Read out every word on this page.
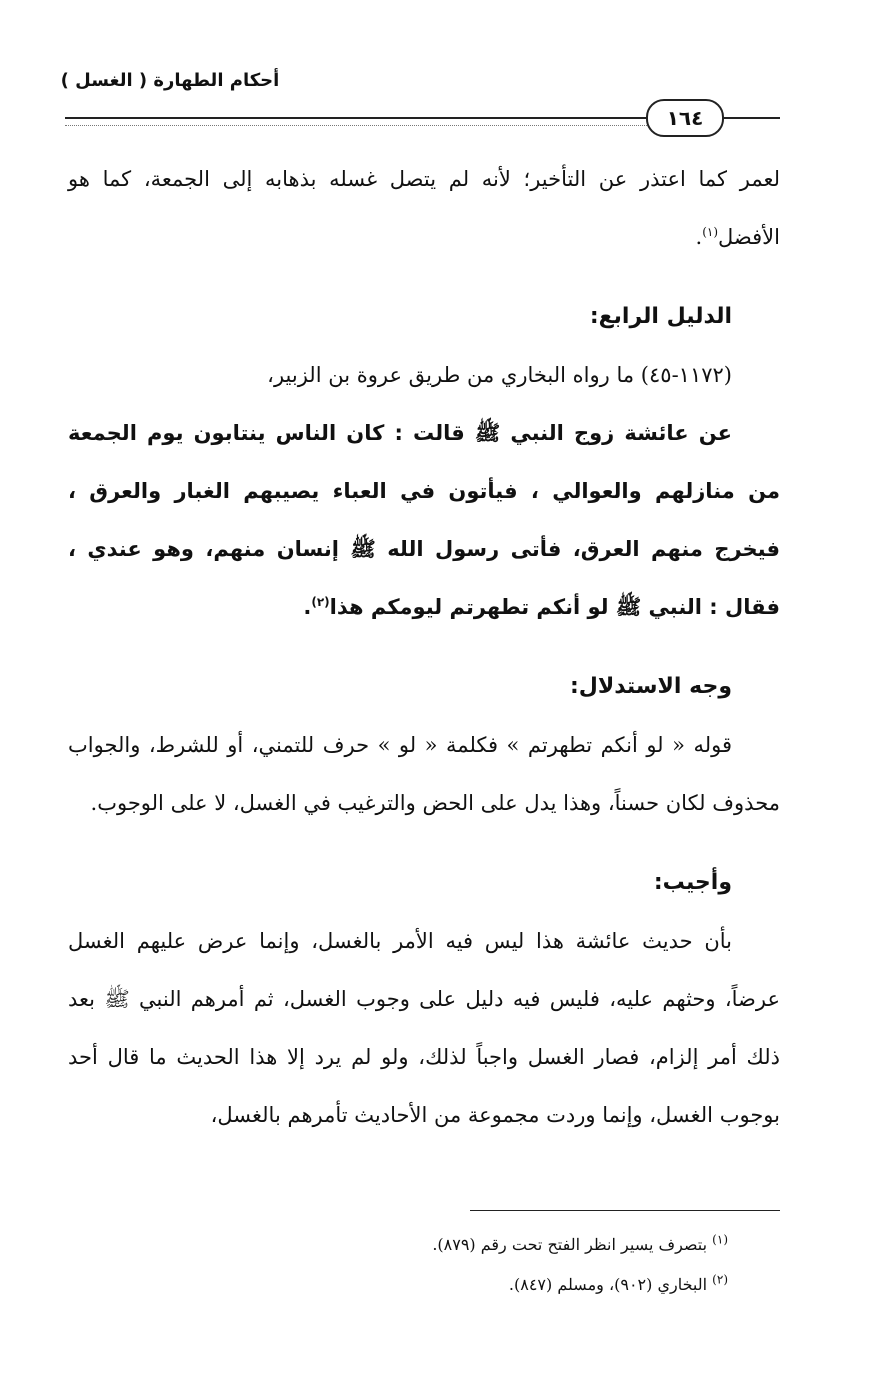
أحكام الطهارة ( الغسل )
١٦٤

لعمر كما اعتذر عن التأخير؛ لأنه لم يتصل غسله بذهابه إلى الجمعة، كما هو الأفضل$^{(١)}$.

الدليل الرابع:

(١١٧٢-٤٥) ما رواه البخاري من طريق عروة بن الزبير،

عن عائشة زوج النبي ﷺ قالت : كان الناس ينتابون يوم الجمعة من منازلهم والعوالي ، فيأتون في العباء يصيبهم الغبار والعرق ، فيخرج منهم العرق، فأتى رسول الله ﷺ إنسان منهم، وهو عندي ، فقال : النبي ﷺ لو أنكم تطهرتم ليومكم هذا$^{(٢)}$.

وجه الاستدلال:

قوله « لو أنكم تطهرتم » فكلمة « لو » حرف للتمني، أو للشرط، والجواب محذوف لكان حسناً، وهذا يدل على الحض والترغيب في الغسل، لا على الوجوب.

وأجيب:

بأن حديث عائشة هذا ليس فيه الأمر بالغسل، وإنما عرض عليهم الغسل عرضاً، وحثهم عليه، فليس فيه دليل على وجوب الغسل، ثم أمرهم النبي ﷺ بعد ذلك أمر إلزام، فصار الغسل واجباً لذلك، ولو لم يرد إلا هذا الحديث ما قال أحد بوجوب الغسل، وإنما وردت مجموعة من الأحاديث تأمرهم بالغسل،

$^{(١)}$ بتصرف يسير انظر الفتح تحت رقم (٨٧٩).

$^{(٢)}$ البخاري (٩٠٢)، ومسلم (٨٤٧).
